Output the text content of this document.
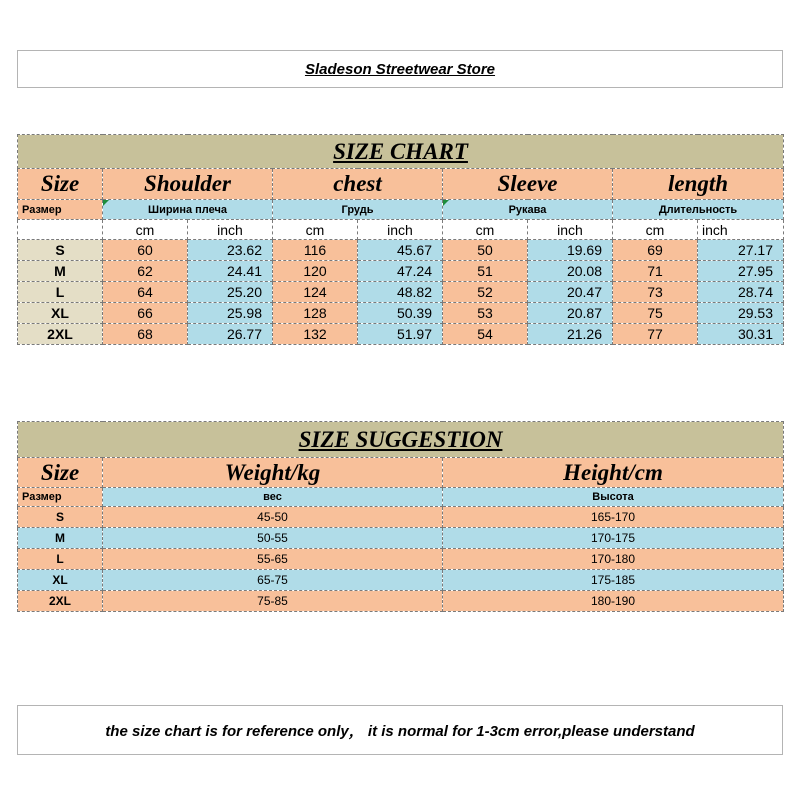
Sladeson Streetwear Store
SIZE CHART								
Size	Shoulder		chest		Sleeve		length	
Размер	Ширина плеча		Грудь		Рукава		Длительность	
	cm	inch	cm	inch	cm	inch	cm	inch
S	60	23.62	116	45.67	50	19.69	69	27.17
M	62	24.41	120	47.24	51	20.08	71	27.95
L	64	25.20	124	48.82	52	20.47	73	28.74
XL	66	25.98	128	50.39	53	20.87	75	29.53
2XL	68	26.77	132	51.97	54	21.26	77	30.31
SIZE SUGGESTION		
Size	Weight/kg	Height/cm
Размер	вес	Высота
S	45-50	165-170
M	50-55	170-175
L	55-65	170-180
XL	65-75	175-185
2XL	75-85	180-190
the size chart is for reference only， it is normal for 1-3cm error,please understand
